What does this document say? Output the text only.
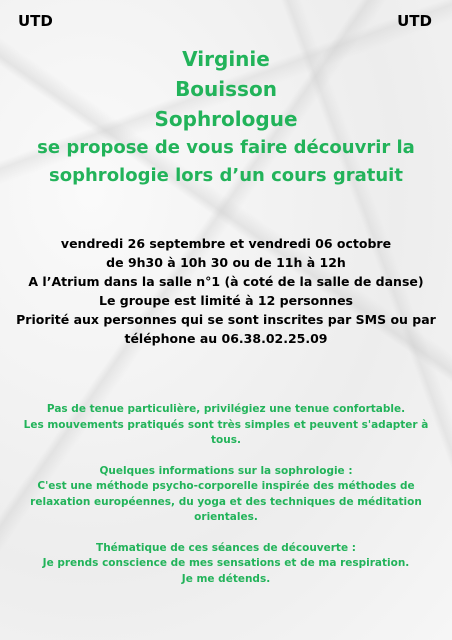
UTD	UTD
Virginie
Bouisson
Sophrologue
se propose de vous faire découvrir la
sophrologie lors d’un cours gratuit
vendredi 26 septembre et vendredi 06 octobre
de 9h30 à 10h 30 ou de 11h à 12h
A l’Atrium dans la salle n°1 (à coté de la salle de danse)
Le groupe est limité à 12 personnes
Priorité aux personnes qui se sont inscrites par SMS ou par
téléphone au 06.38.02.25.09
Pas de tenue particulière, privilégiez une tenue confortable.
Les mouvements pratiqués sont très simples et peuvent s'adapter à
tous.
Quelques informations sur la sophrologie :
C'est une méthode psycho-corporelle inspirée des méthodes de
relaxation européennes, du yoga et des techniques de méditation
orientales.
Thématique de ces séances de découverte :
Je prends conscience de mes sensations et de ma respiration.
Je me détends.
